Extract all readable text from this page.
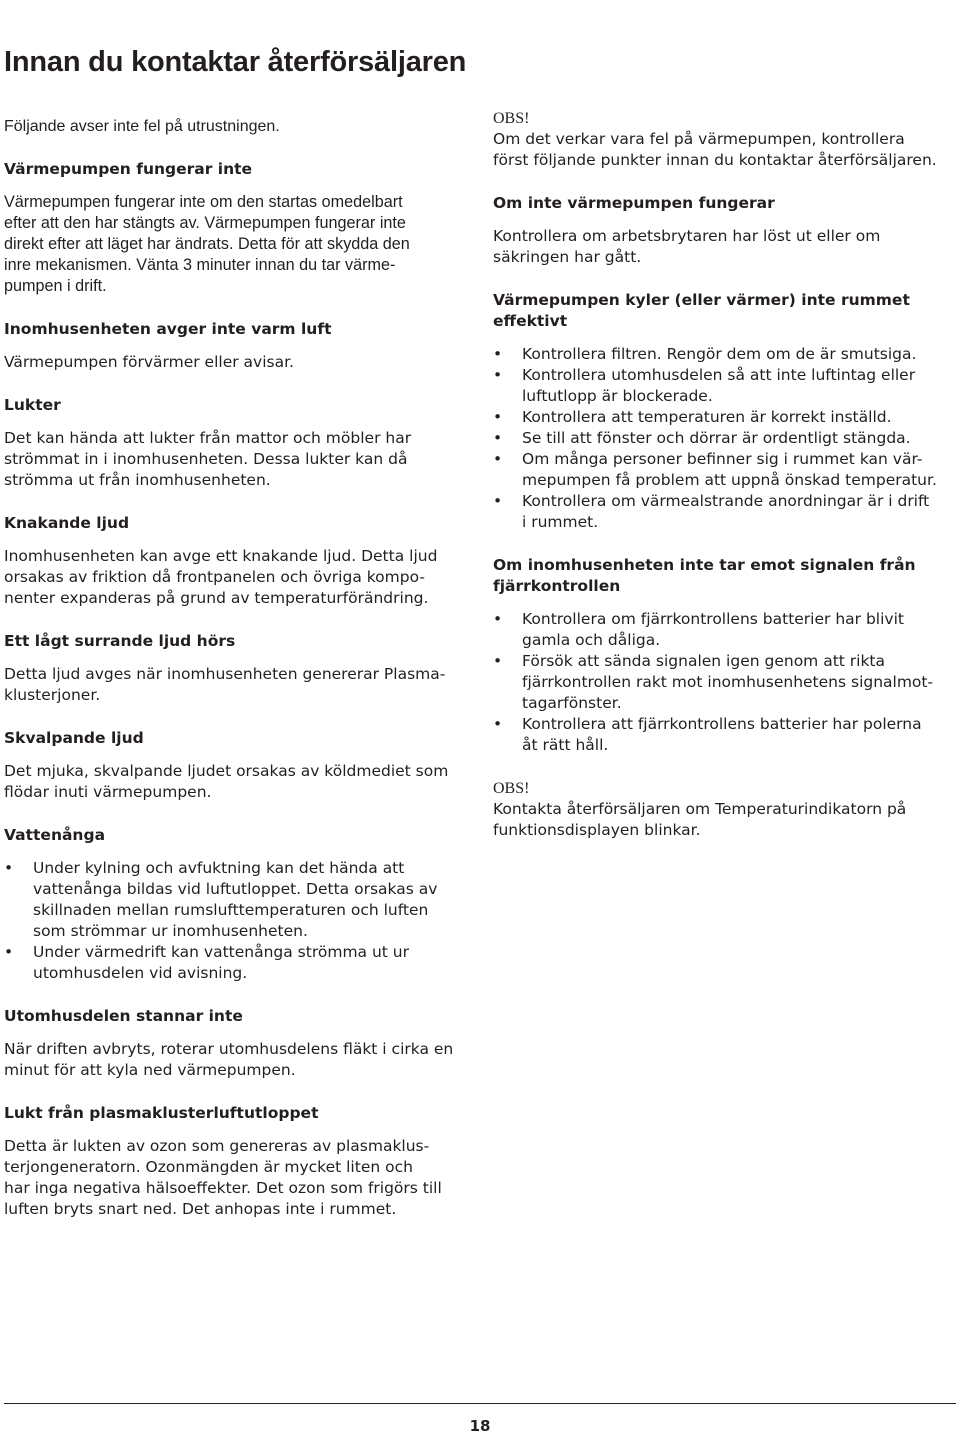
Innan du kontaktar återförsäljaren

Följande avser inte fel på utrustningen.

Värmepumpen fungerar inte

Värmepumpen fungerar inte om den startas omedelbart

efter att den har stängts av. Värmepumpen fungerar inte

direkt efter att läget har ändrats. Detta för att skydda den

inre mekanismen. Vänta 3 minuter innan du tar värme-

pumpen i drift.

Inomhusenheten avger inte varm luft

Värmepumpen förvärmer eller avisar.

Lukter

Det kan hända att lukter från mattor och möbler har

strömmat in i inomhusenheten. Dessa lukter kan då

strömma ut från inomhusenheten.

Knakande ljud

Inomhusenheten kan avge ett knakande ljud. Detta ljud

orsakas av friktion då frontpanelen och övriga kompo-

nenter expanderas på grund av temperaturförändring.

Ett lågt surrande ljud hörs

Detta ljud avges när inomhusenheten genererar Plasma-

klusterjoner.

Skvalpande ljud

Det mjuka, skvalpande ljudet orsakas av köldmediet som

flödar inuti värmepumpen.

Vattenånga
• Under kylning och avfuktning kan det hända att
vattenånga bildas vid luftutloppet. Detta orsakas av
skillnaden mellan rumslufttemperaturen och luften
som strömmar ur inomhusenheten.
• Under värmedrift kan vattenånga strömma ut ur
utomhusdelen vid avisning.
Utomhusdelen stannar inte

När driften avbryts, roterar utomhusdelens fläkt i cirka en

minut för att kyla ned värmepumpen.

Lukt från plasmaklusterluftutloppet

Detta är lukten av ozon som genereras av plasmaklus-

terjongeneratorn. Ozonmängden är mycket liten och

har inga negativa hälsoeffekter. Det ozon som frigörs till

luften bryts snart ned. Det anhopas inte i rummet.

OBS!

Om det verkar vara fel på värmepumpen, kontrollera

först följande punkter innan du kontaktar återförsäljaren.

Om inte värmepumpen fungerar

Kontrollera om arbetsbrytaren har löst ut eller om

säkringen har gått.

Värmepumpen kyler (eller värmer) inte rummet
effektivt
• Kontrollera filtren. Rengör dem om de är smutsiga.
• Kontrollera utomhusdelen så att inte luftintag eller
luftutlopp är blockerade.
• Kontrollera att temperaturen är korrekt inställd.
• Se till att fönster och dörrar är ordentligt stängda.
• Om många personer befinner sig i rummet kan vär-
mepumpen få problem att uppnå önskad temperatur.
• Kontrollera om värmealstrande anordningar är i drift
i rummet.
Om inomhusenheten inte tar emot signalen från
fjärrkontrollen
• Kontrollera om fjärrkontrollens batterier har blivit
gamla och dåliga.
• Försök att sända signalen igen genom att rikta
fjärrkontrollen rakt mot inomhusenhetens signalmot-
tagarfönster.
• Kontrollera att fjärrkontrollens batterier har polerna
åt rätt håll.

OBS!

Kontakta återförsäljaren om Temperaturindikatorn på

funktionsdisplayen blinkar.

18
